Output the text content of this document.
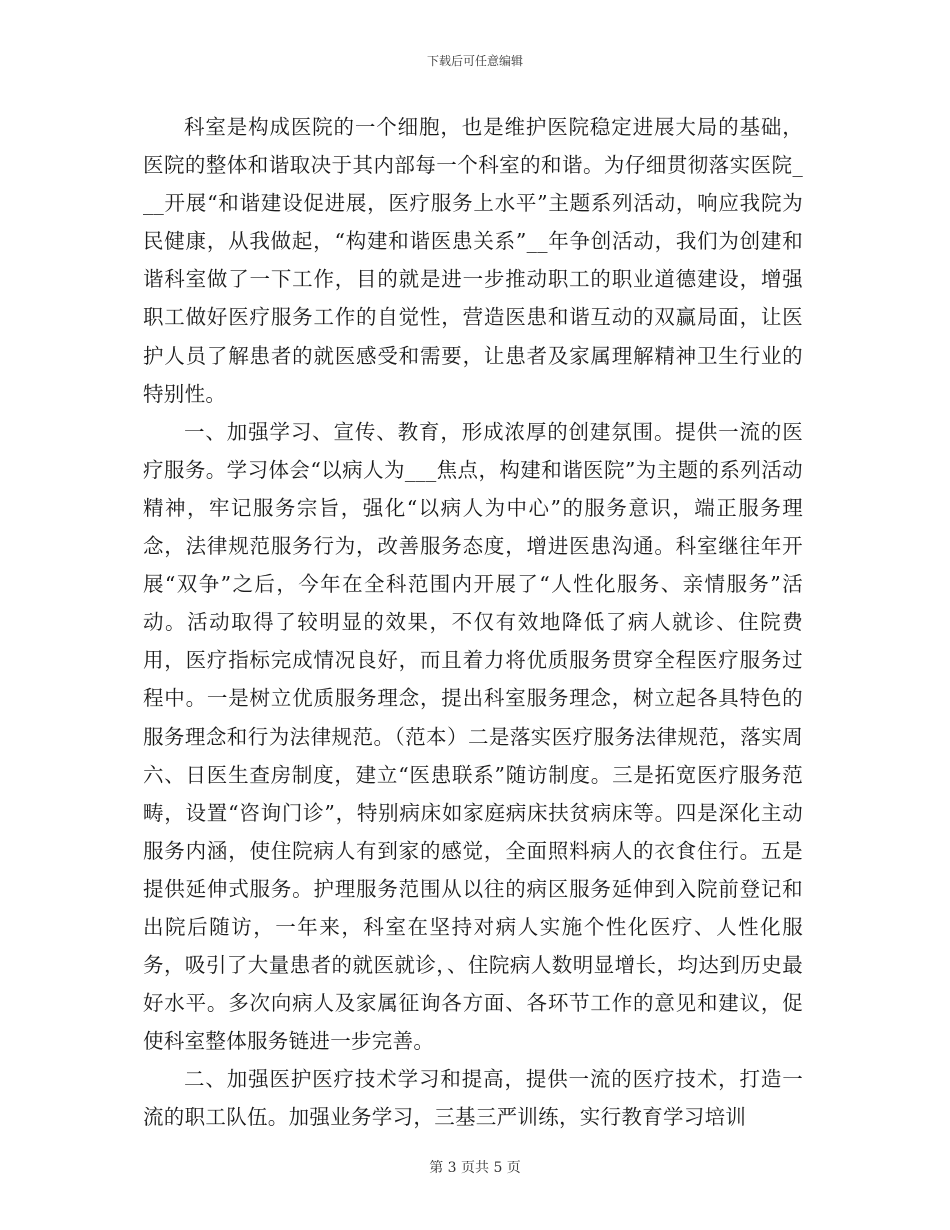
下载后可任意编辑

科室是构成医院的一个细胞，也是维护医院稳定进展大局的基础，医院的整体和谐取决于其内部每一个科室的和谐。为仔细贯彻落实医院___开展“和谐建设促进展，医疗服务上水平”主题系列活动，响应我院为民健康，从我做起，“构建和谐医患关系”__年争创活动，我们为创建和谐科室做了一下工作，目的就是进一步推动职工的职业道德建设，增强职工做好医疗服务工作的自觉性，营造医患和谐互动的双赢局面，让医护人员了解患者的就医感受和需要，让患者及家属理解精神卫生行业的特别性。

一、加强学习、宣传、教育，形成浓厚的创建氛围。提供一流的医疗服务。学习体会“以病人为___焦点，构建和谐医院”为主题的系列活动精神，牢记服务宗旨，强化“以病人为中心”的服务意识，端正服务理念，法律规范服务行为，改善服务态度，增进医患沟通。科室继往年开展“双争”之后，今年在全科范围内开展了“人性化服务、亲情服务”活动。活动取得了较明显的效果，不仅有效地降低了病人就诊、住院费用，医疗指标完成情况良好，而且着力将优质服务贯穿全程医疗服务过程中。一是树立优质服务理念，提出科室服务理念，树立起各具特色的服务理念和行为法律规范。（范本）二是落实医疗服务法律规范，落实周六、日医生查房制度，建立“医患联系”随访制度。三是拓宽医疗服务范畴，设置“咨询门诊”，特别病床如家庭病床扶贫病床等。四是深化主动服务内涵，使住院病人有到家的感觉，全面照料病人的衣食住行。五是提供延伸式服务。护理服务范围从以往的病区服务延伸到入院前登记和出院后随访，一年来，科室在坚持对病人实施个性化医疗、人性化服务，吸引了大量患者的就医就诊，、住院病人数明显增长，均达到历史最好水平。多次向病人及家属征询各方面、各环节工作的意见和建议，促使科室整体服务链进一步完善。

二、加强医护医疗技术学习和提高，提供一流的医疗技术，打造一流的职工队伍。加强业务学习，三基三严训练，实行教育学习培训

第 3 页共 5 页
